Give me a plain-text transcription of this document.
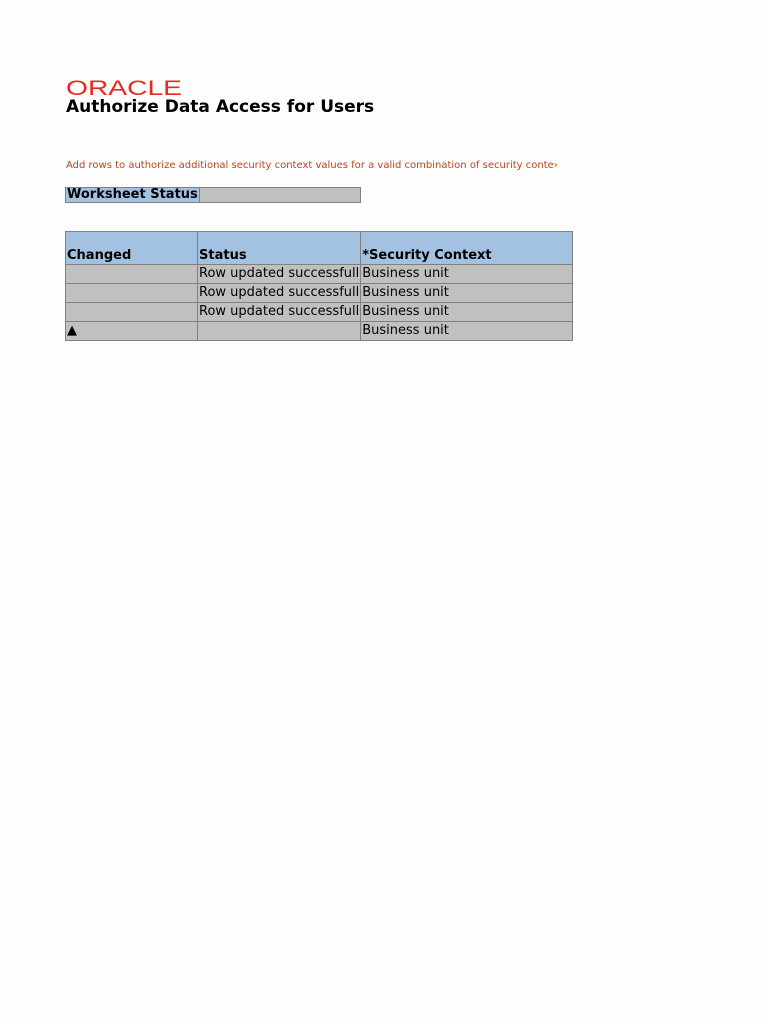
ORACLE
Authorize Data Access for Users
Add rows to authorize additional security context values for a valid combination of security conte›
Worksheet Status	
Changed	Status	*Security Context
	Row updated successfull	Business unit
	Row updated successfull	Business unit
	Row updated successfull	Business unit
▲		Business unit
